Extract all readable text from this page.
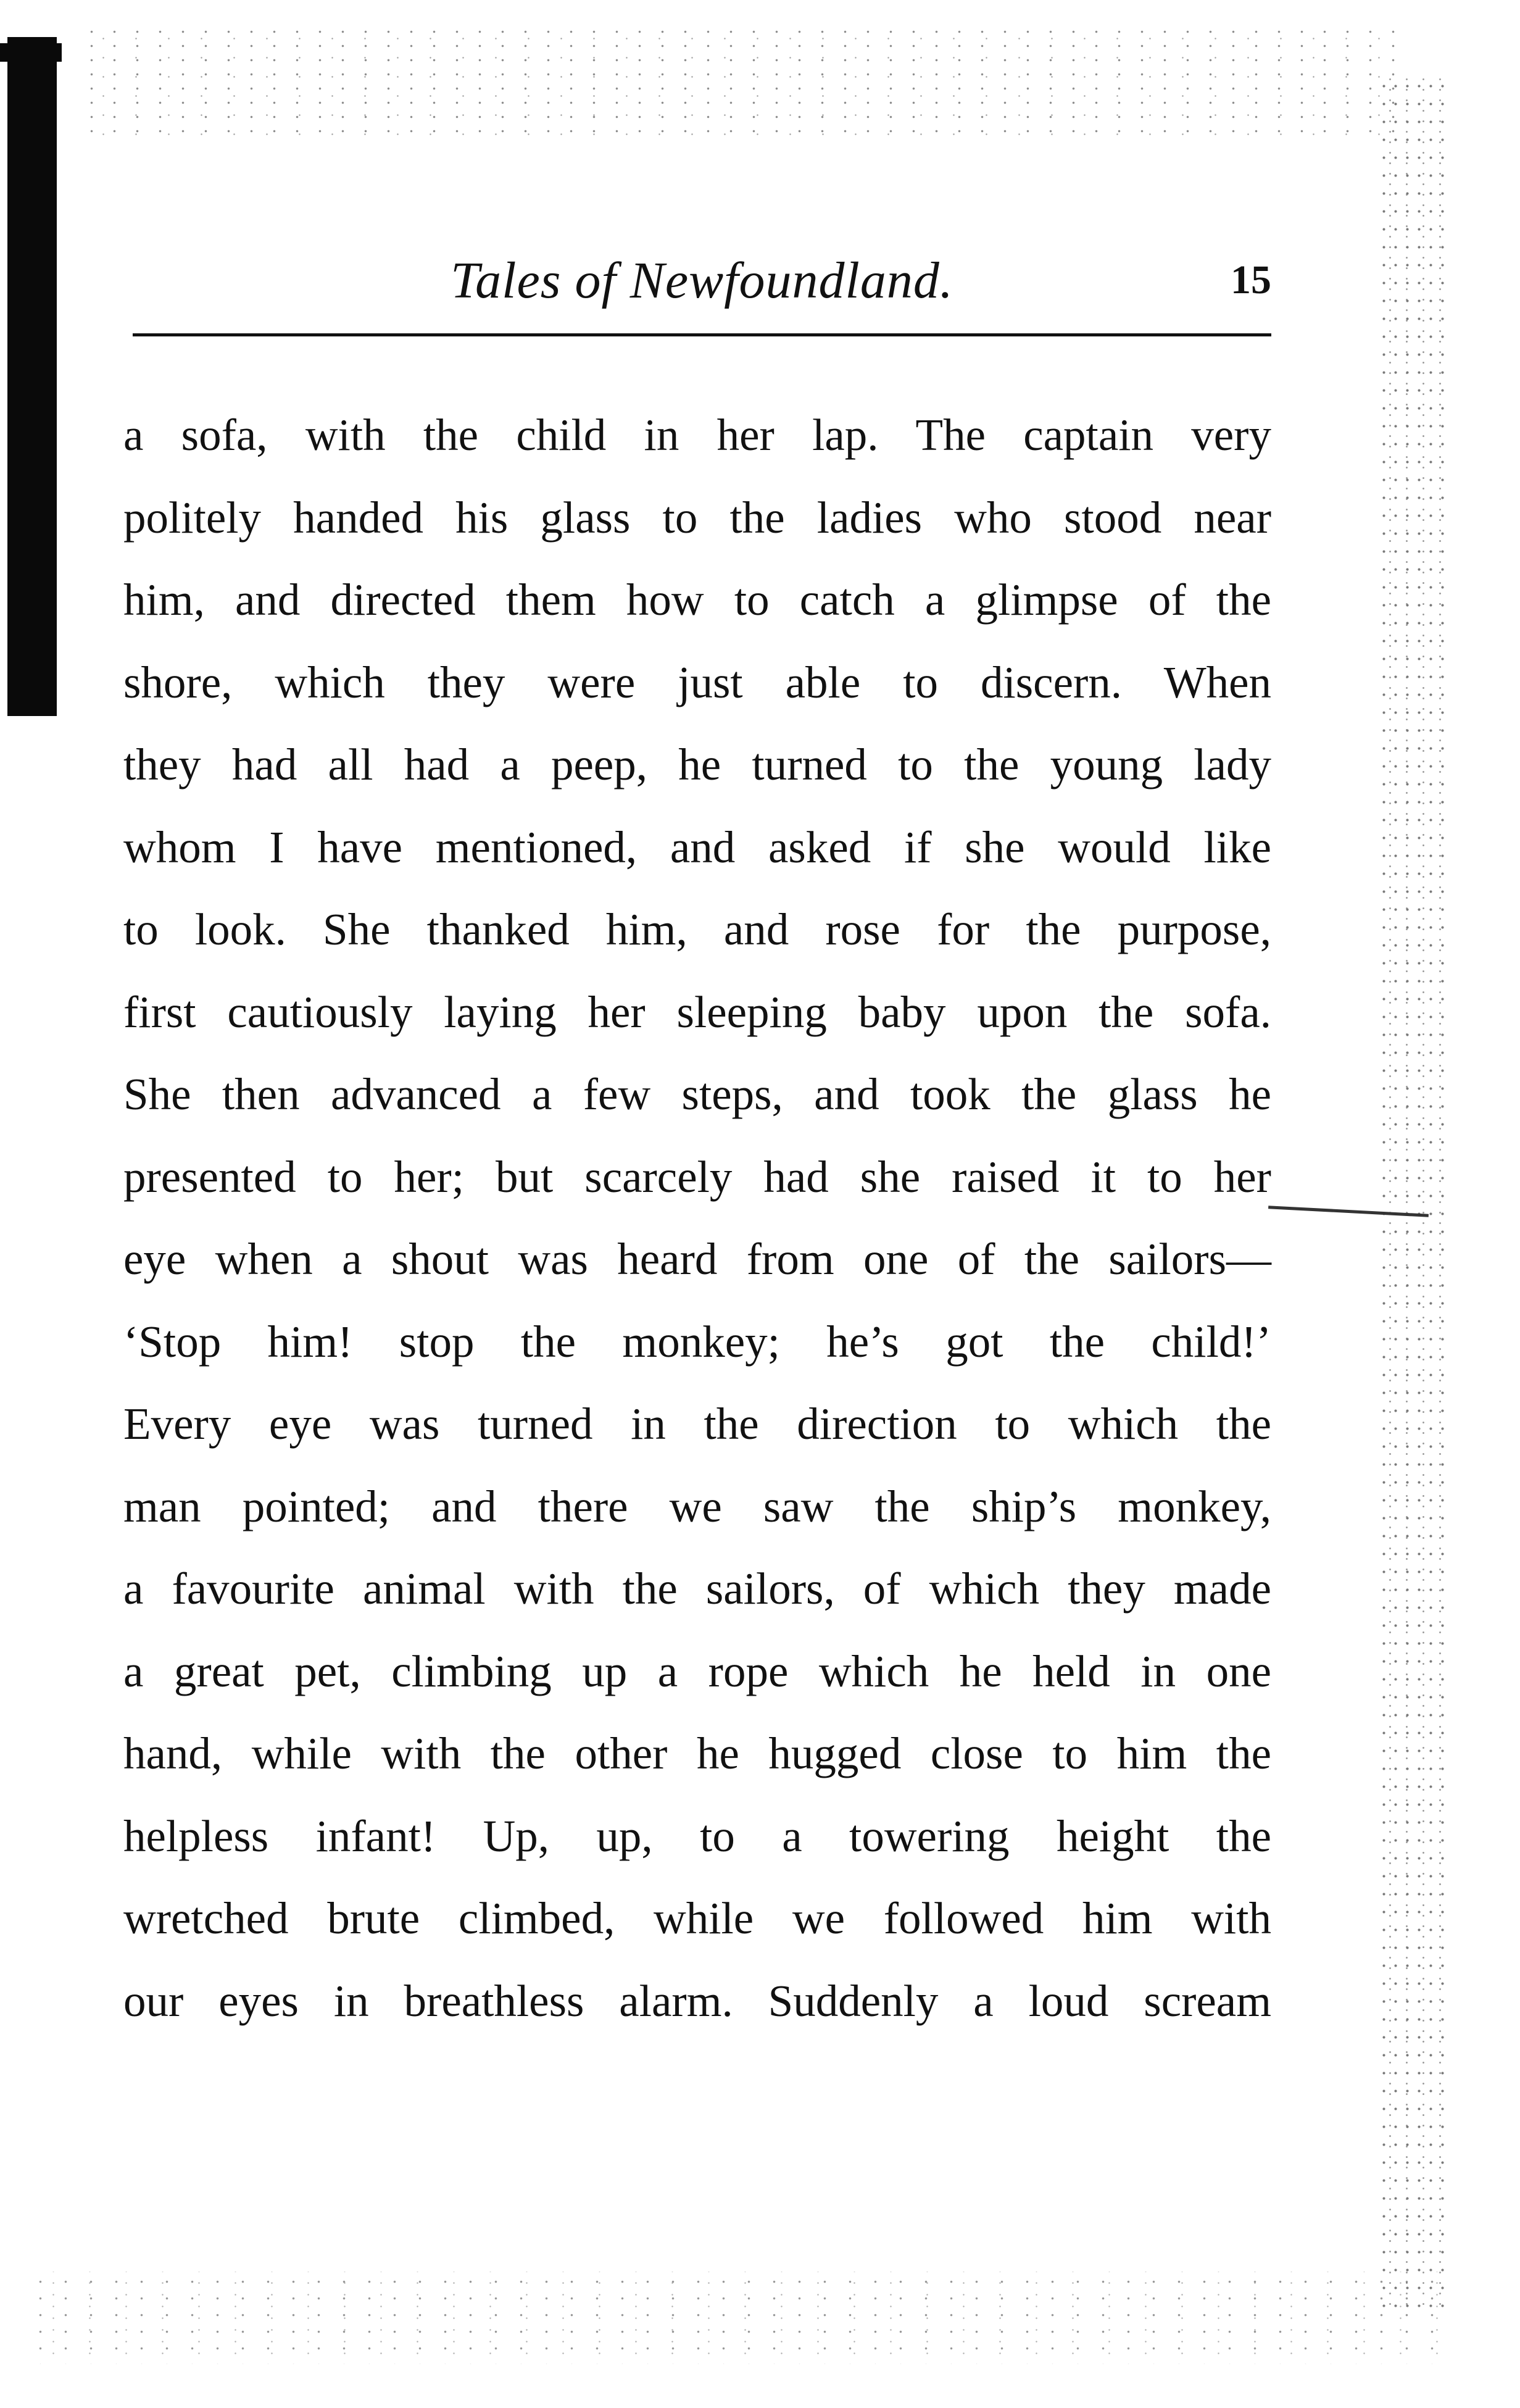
Tales of Newfoundland.	15
a sofa, with the child in her lap. The captain very
politely handed his glass to the ladies who stood near
him, and directed them how to catch a glimpse of the
shore, which they were just able to discern. When
they had all had a peep, he turned to the young lady
whom I have mentioned, and asked if she would like
to look. She thanked him, and rose for the purpose,
first cautiously laying her sleeping baby upon the sofa.
She then advanced a few steps, and took the glass he
presented to her; but scarcely had she raised it to her
eye when a shout was heard from one of the sailors—
‘Stop him! stop the monkey; he’s got the child!’
Every eye was turned in the direction to which the
man pointed; and there we saw the ship’s monkey,
a favourite animal with the sailors, of which they made
a great pet, climbing up a rope which he held in one
hand, while with the other he hugged close to him the
helpless infant! Up, up, to a towering height the
wretched brute climbed, while we followed him with
our eyes in breathless alarm. Suddenly a loud scream
